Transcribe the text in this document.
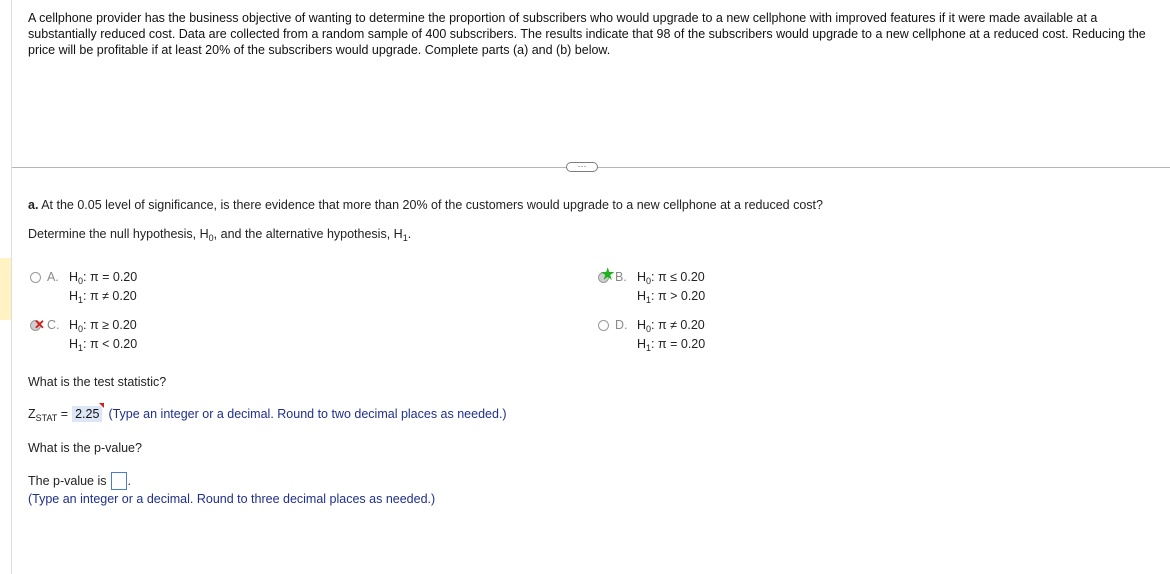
A cellphone provider has the business objective of wanting to determine the proportion of subscribers who would upgrade to a new cellphone with improved features if it were made available at a substantially reduced cost. Data are collected from a random sample of 400 subscribers. The results indicate that 98 of the subscribers would upgrade to a new cellphone at a reduced cost. Reducing the price will be profitable if at least 20% of the subscribers would upgrade. Complete parts (a) and (b) below.

···

a. At the 0.05 level of significance, is there evidence that more than 20% of the customers would upgrade to a new cellphone at a reduced cost?

Determine the null hypothesis, $H_0$, and the alternative hypothesis, $H_1$.

A. $H_0$: π = 0.20
$H_1$: π ≠ 0.20
★ B. $H_0$: π ≤ 0.20
$H_1$: π > 0.20
✕ C. $H_0$: π ≥ 0.20
$H_1$: π < 0.20
D. $H_0$: π ≠ 0.20
$H_1$: π = 0.20

What is the test statistic?

$Z_{STAT} = 2.25$ (Type an integer or a decimal. Round to two decimal places as needed.)

What is the p-value?

The p-value is .

(Type an integer or a decimal. Round to three decimal places as needed.)
